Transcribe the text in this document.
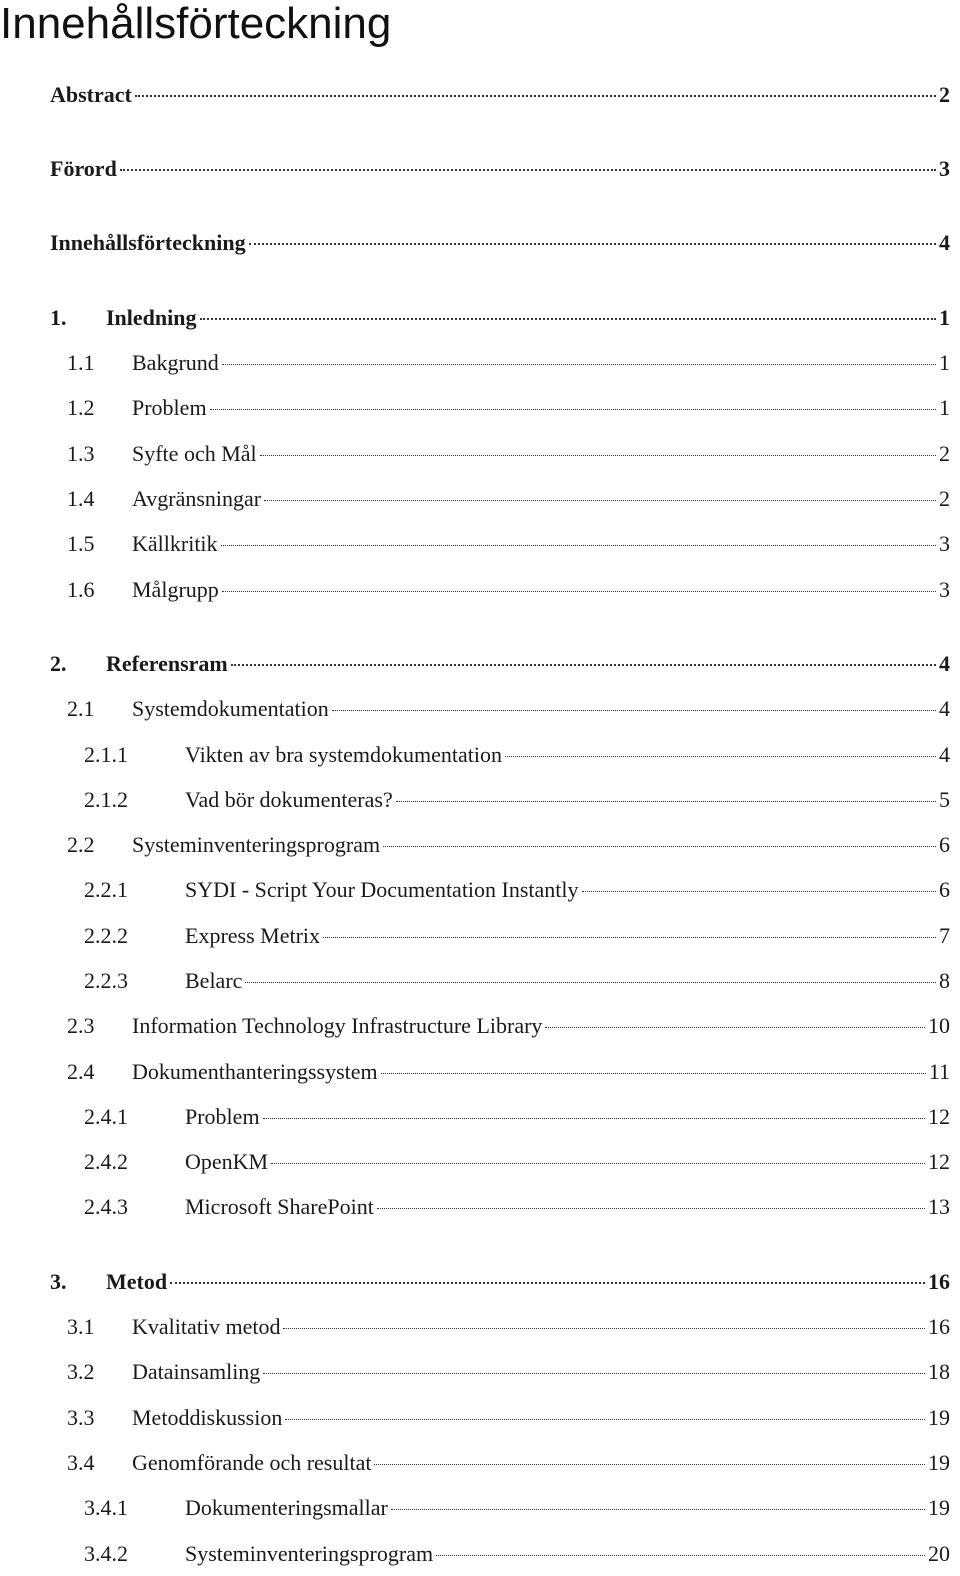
Innehållsförteckning
Abstract	2
Förord	3
Innehållsförteckning	4
1. Inledning	1
1.1 Bakgrund	1
1.2 Problem	1
1.3 Syfte och Mål	2
1.4 Avgränsningar	2
1.5 Källkritik	3
1.6 Målgrupp	3
2. Referensram	4
2.1 Systemdokumentation	4
2.1.1	Vikten av bra systemdokumentation	4
2.1.2	Vad bör dokumenteras?	5
2.2 Systeminventeringsprogram	6
2.2.1	SYDI - Script Your Documentation Instantly	6
2.2.2	Express Metrix	7
2.2.3	Belarc	8
2.3 Information Technology Infrastructure Library	10
2.4 Dokumenthanteringssystem	11
2.4.1	Problem	12
2.4.2	OpenKM	12
2.4.3	Microsoft SharePoint	13
3. Metod	16
3.1 Kvalitativ metod	16
3.2 Datainsamling	18
3.3 Metoddiskussion	19
3.4 Genomförande och resultat	19
3.4.1	Dokumenteringsmallar	19
3.4.2	Systeminventeringsprogram	20
